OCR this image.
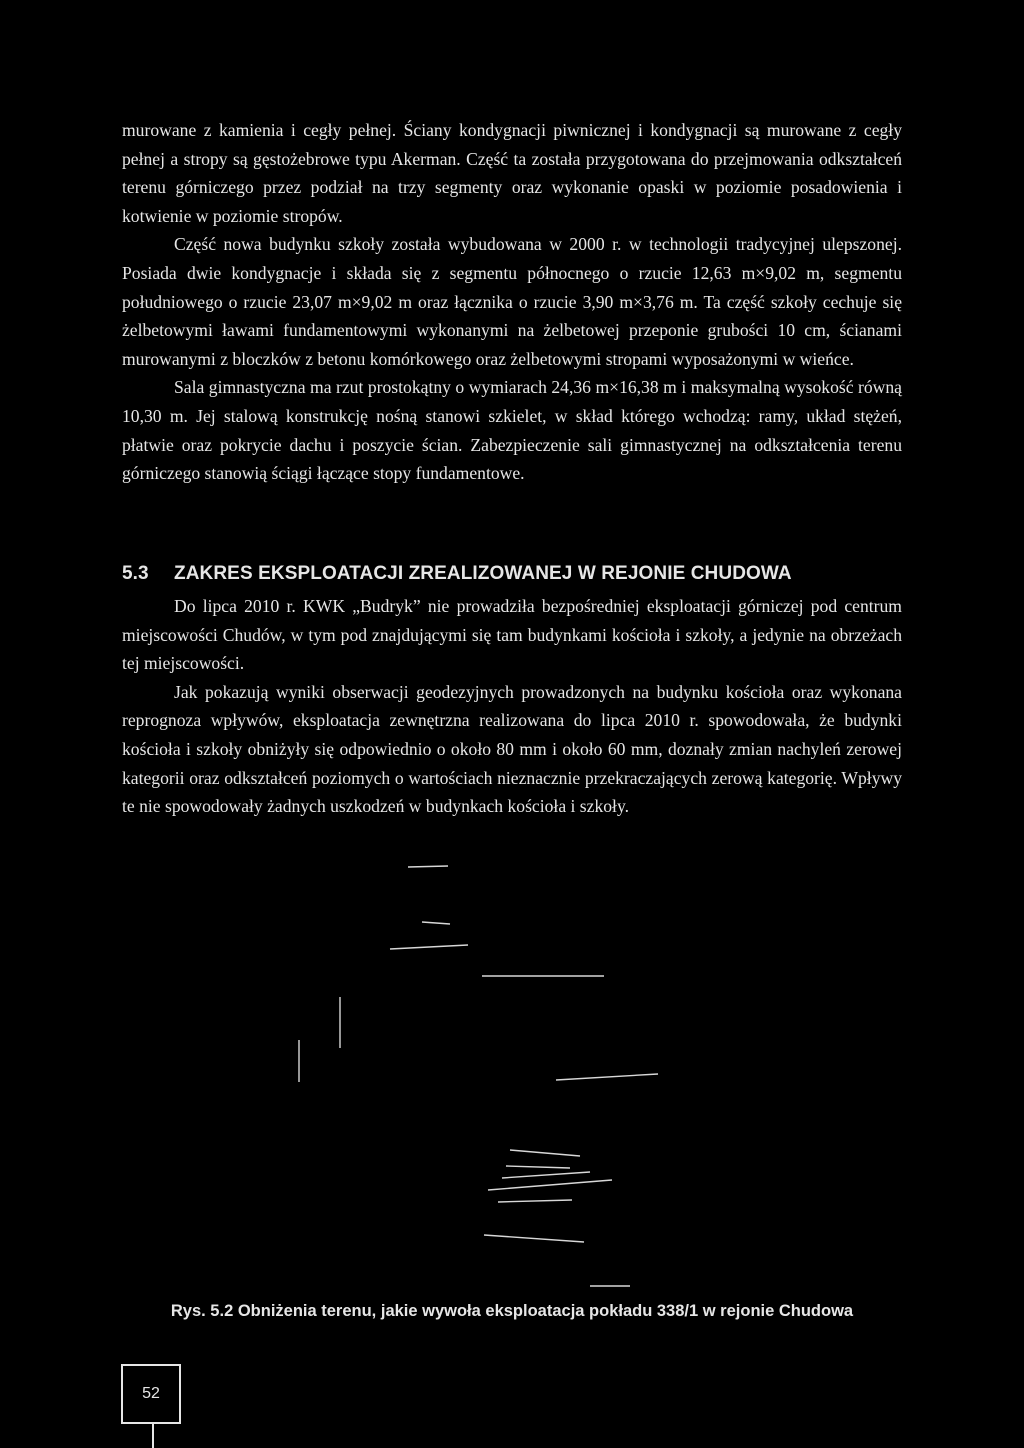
murowane z kamienia i cegły pełnej. Ściany kondygnacji piwnicznej i kondygnacji są murowane z cegły pełnej a stropy są gęstożebrowe typu Akerman. Część ta została przygotowana do przejmowania odkształceń terenu górniczego przez podział na trzy segmenty oraz wykonanie opaski w poziomie posadowienia i kotwienie w poziomie stropów.

Część nowa budynku szkoły została wybudowana w 2000 r. w technologii tradycyjnej ulepszonej. Posiada dwie kondygnacje i składa się z segmentu północnego o rzucie 12,63 m×9,02 m, segmentu południowego o rzucie 23,07 m×9,02 m oraz łącznika o rzucie 3,90 m×3,76 m. Ta część szkoły cechuje się żelbetowymi ławami fundamentowymi wykonanymi na żelbetowej przeponie grubości 10 cm, ścianami murowanymi z bloczków z betonu komórkowego oraz żelbetowymi stropami wyposażonymi w wieńce.

Sala gimnastyczna ma rzut prostokątny o wymiarach 24,36 m×16,38 m i maksymalną wysokość równą 10,30 m. Jej stalową konstrukcję nośną stanowi szkielet, w skład którego wchodzą: ramy, układ stężeń, płatwie oraz pokrycie dachu i poszycie ścian. Zabezpieczenie sali gimnastycznej na odkształcenia terenu górniczego stanowią ściągi łączące stopy fundamentowe.

5.3 ZAKRES EKSPLOATACJI ZREALIZOWANEJ W REJONIE CHUDOWA

Do lipca 2010 r. KWK „Budryk” nie prowadziła bezpośredniej eksploatacji górniczej pod centrum miejscowości Chudów, w tym pod znajdującymi się tam budynkami kościoła i szkoły, a jedynie na obrzeżach tej miejscowości.

Jak pokazują wyniki obserwacji geodezyjnych prowadzonych na budynku kościoła oraz wykonana reprognoza wpływów, eksploatacja zewnętrzna realizowana do lipca 2010 r. spowodowała, że budynki kościoła i szkoły obniżyły się odpowiednio o około 80 mm i około 60 mm, doznały zmian nachyleń zerowej kategorii oraz odkształceń poziomych o wartościach nieznacznie przekraczających zerową kategorię. Wpływy te nie spowodowały żadnych uszkodzeń w budynkach kościoła i szkoły.

Rys. 5.2 Obniżenia terenu, jakie wywoła eksploatacja pokładu 338/1 w rejonie Chudowa
52
